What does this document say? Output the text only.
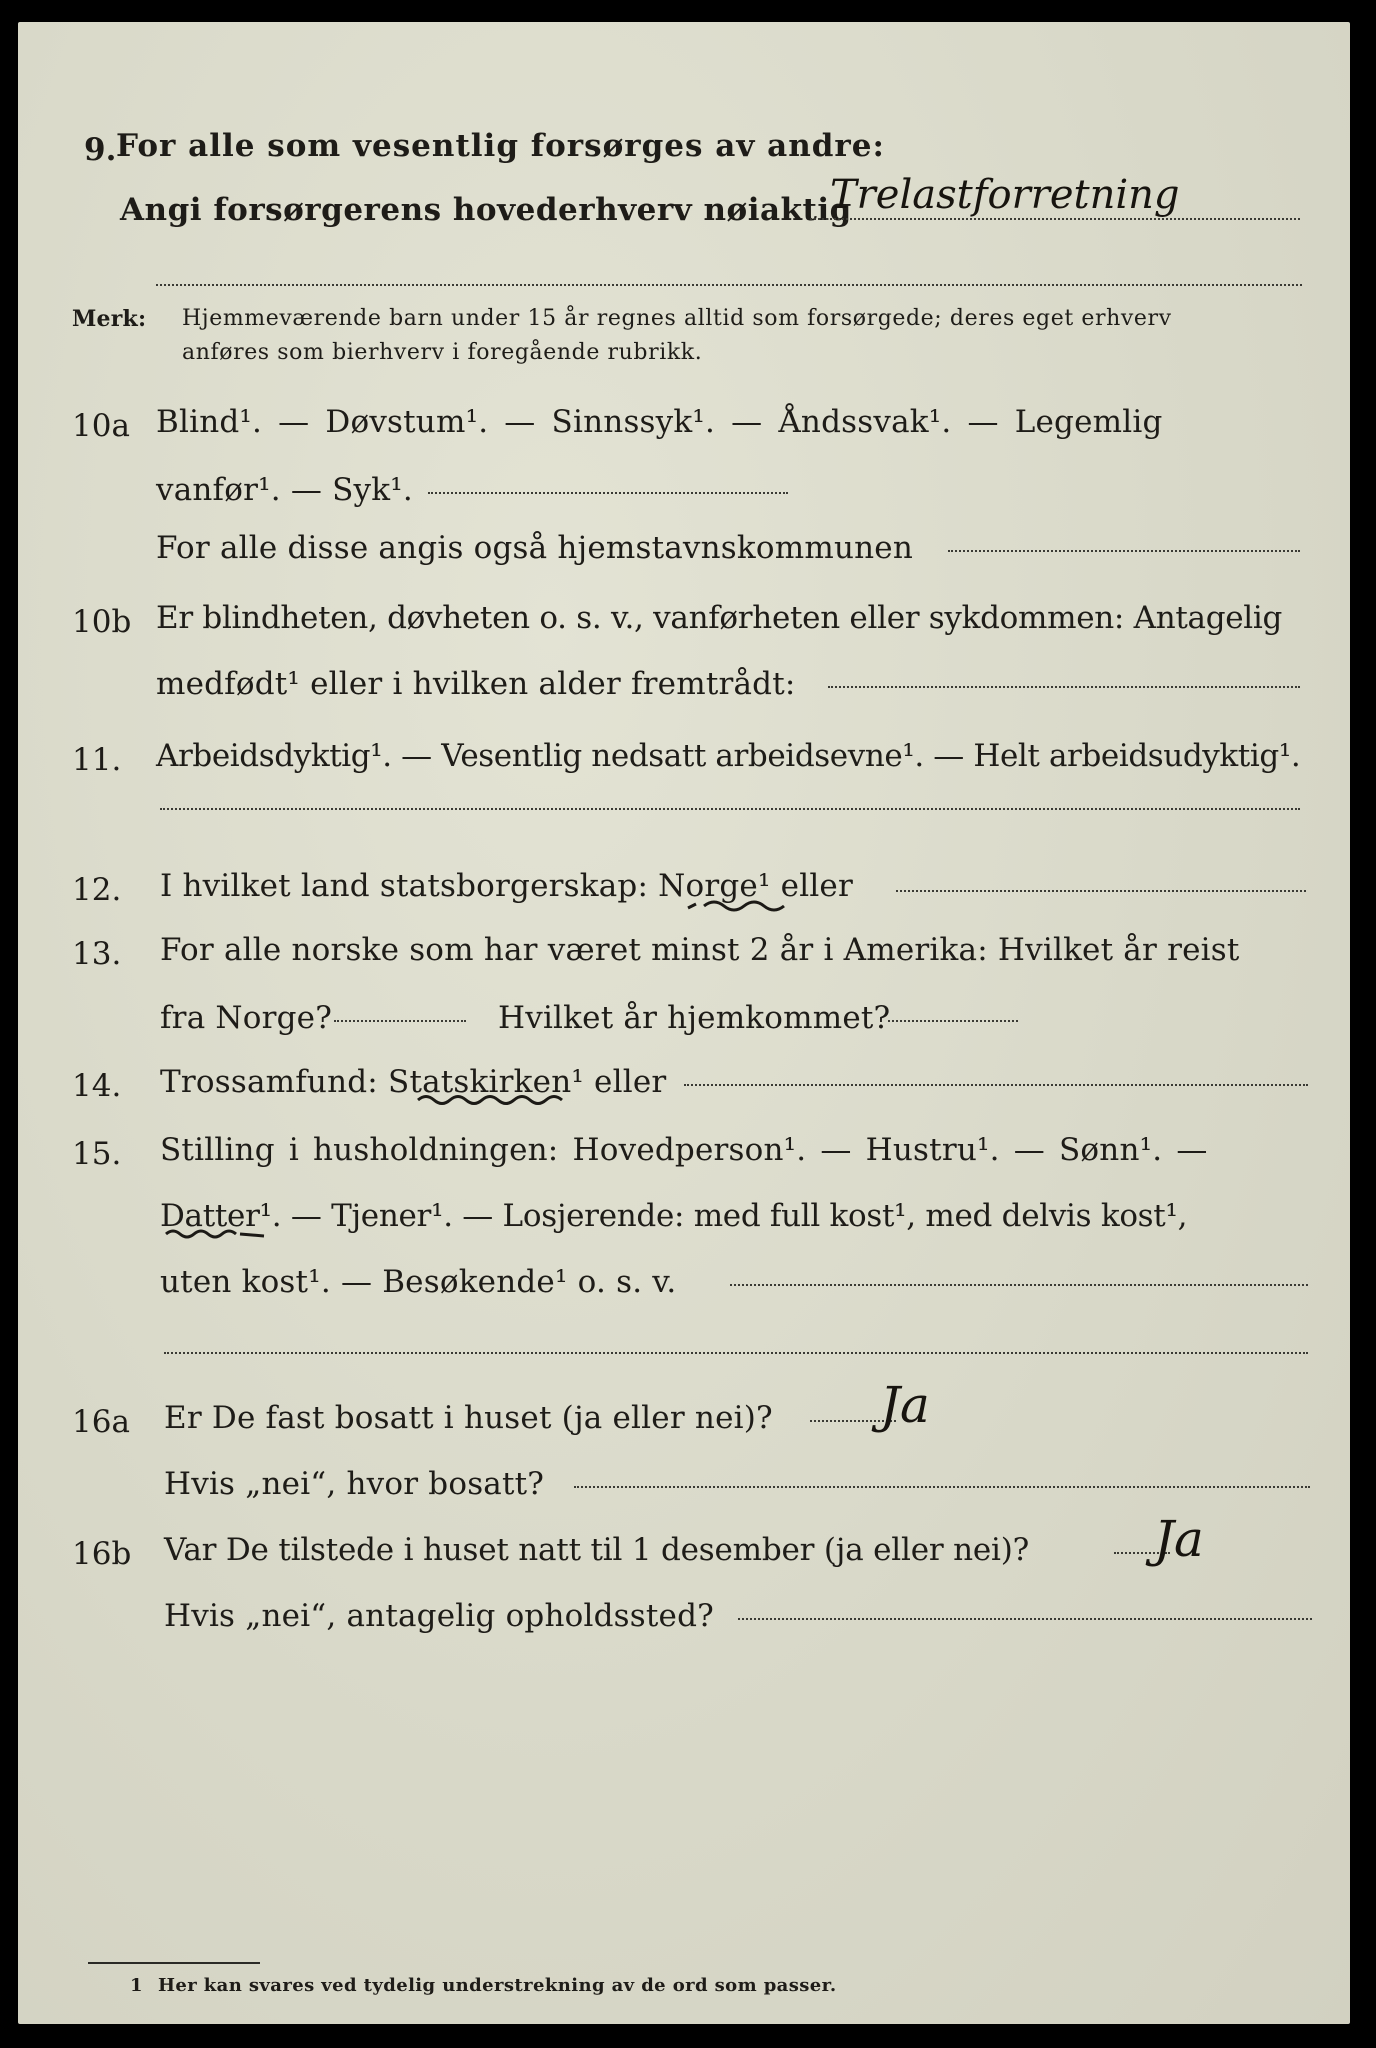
9. For alle som vesentlig forsørges av andre:
Angi forsørgerens hovederhverv nøiaktig
Trelastforretning
Merk: Hjemmeværende barn under 15 år regnes alltid som forsørgede; deres eget erhverv
anføres som bierhverv i foregående rubrikk.
10a Blind¹. — Døvstum¹. — Sinnssyk¹. — Åndssvak¹. — Legemlig
vanfør¹. — Syk¹.
For alle disse angis også hjemstavnskommunen
10b Er blindheten, døvheten o. s. v., vanførheten eller sykdommen: Antagelig
medfødt¹ eller i hvilken alder fremtrådt:
11. Arbeidsdyktig¹. — Vesentlig nedsatt arbeidsevne¹. — Helt arbeidsudyktig¹.
12. I hvilket land statsborgerskap: Norge¹ eller
13. For alle norske som har været minst 2 år i Amerika: Hvilket år reist
fra Norge?	Hvilket år hjemkommet?
14. Trossamfund: Statskirken¹ eller
15. Stilling i husholdningen: Hovedperson¹. — Hustru¹. — Sønn¹. —
Datter¹. — Tjener¹. — Losjerende: med full kost¹, med delvis kost¹,
uten kost¹. — Besøkende¹ o. s. v.
16a Er De fast bosatt i huset (ja eller nei)? Ja
Hvis „nei“, hvor bosatt?
16b Var De tilstede i huset natt til 1 desember (ja eller nei)? Ja
Hvis „nei“, antagelig opholdssted?
1 Her kan svares ved tydelig understrekning av de ord som passer.
